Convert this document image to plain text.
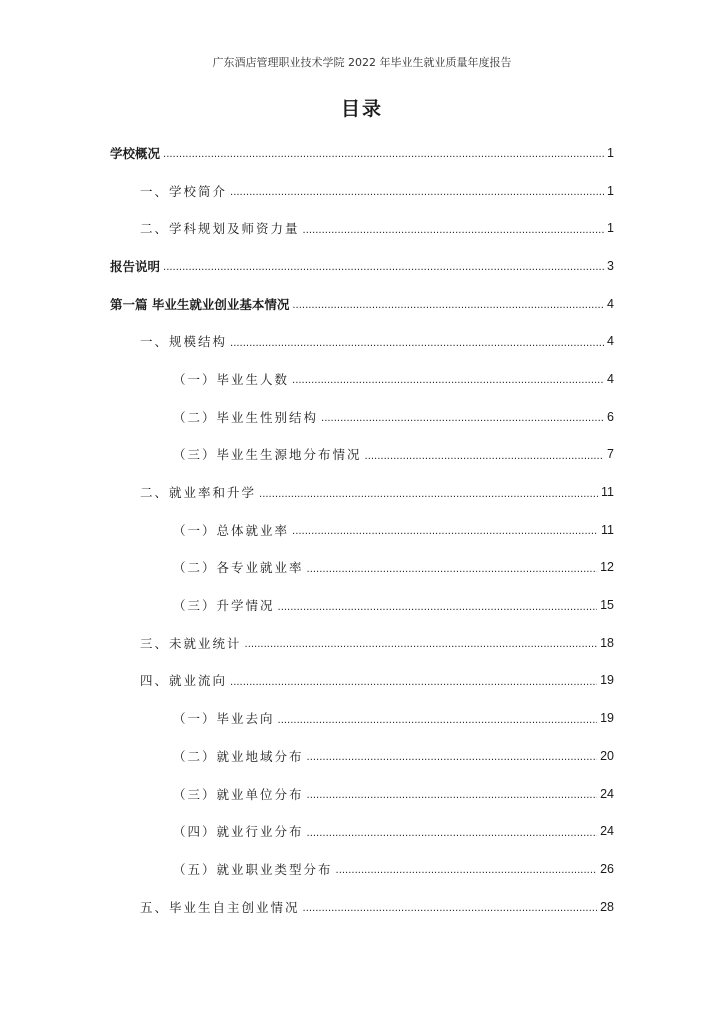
广东酒店管理职业技术学院 2022 年毕业生就业质量年度报告
目录
学校概况 .....	1
一、学校简介 .....	1
二、学科规划及师资力量 .....	1
报告说明 .....	3
第一篇 毕业生就业创业基本情况 .....	4
一、规模结构 .....	4
（一）毕业生人数 .....	4
（二）毕业生性别结构 .....	6
（三）毕业生生源地分布情况 .....	7
二、就业率和升学 .....	11
（一）总体就业率 .....	11
（二）各专业就业率 .....	12
（三）升学情况 .....	15
三、未就业统计 .....	18
四、就业流向 .....	19
（一）毕业去向 .....	19
（二）就业地域分布 .....	20
（三）就业单位分布 .....	24
（四）就业行业分布 .....	24
（五）就业职业类型分布 .....	26
五、毕业生自主创业情况 .....	28
